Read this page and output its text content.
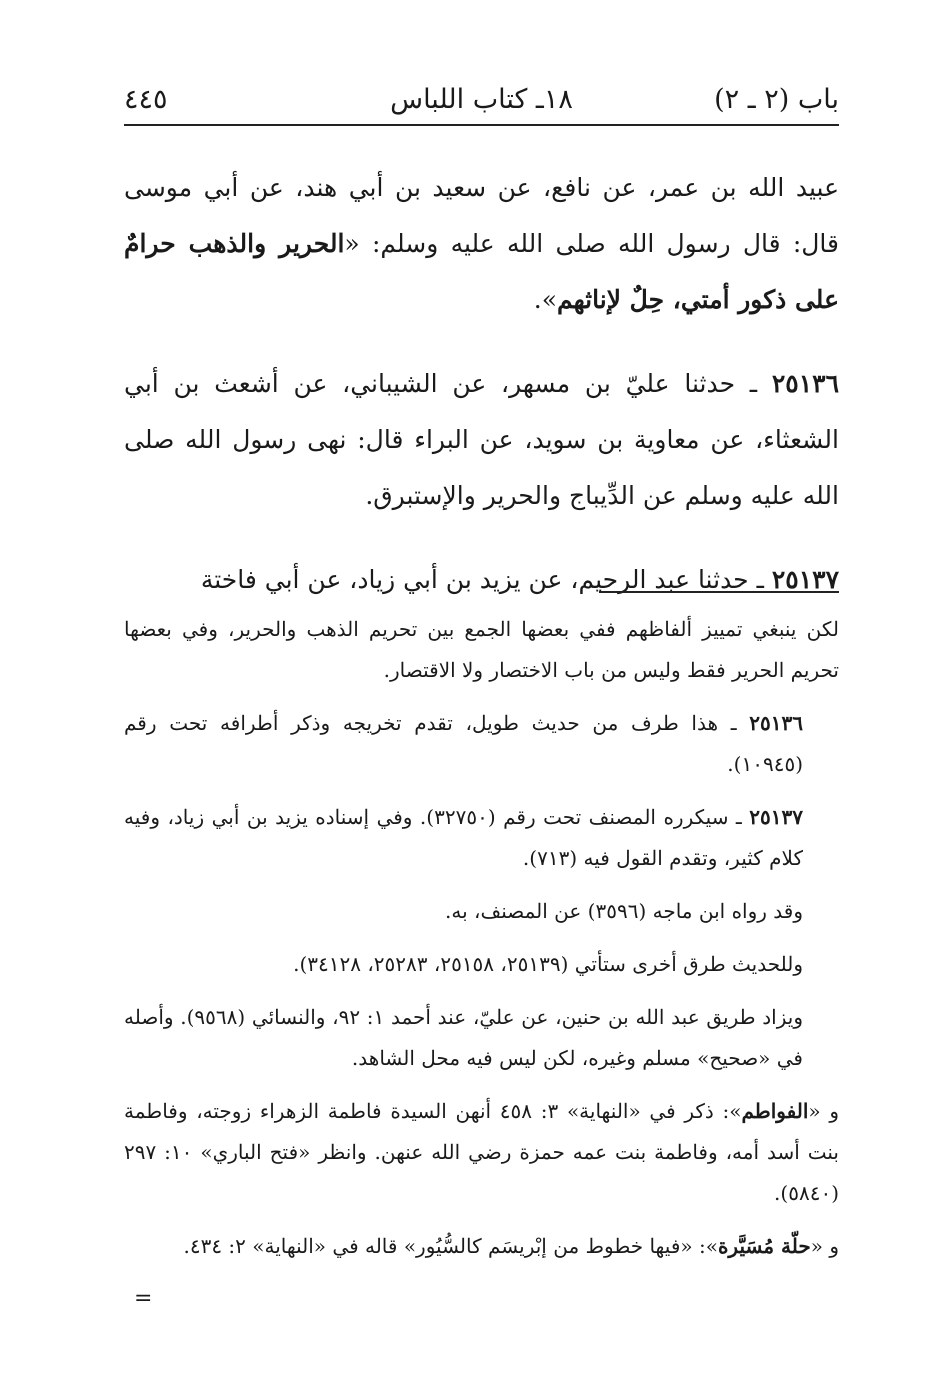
باب (٢ ـ ٢)
١٨ـ كتاب اللباس
٤٤٥

عبيد الله بن عمر، عن نافع، عن سعيد بن أبي هند، عن أبي موسى قال: قال رسول الله صلى الله عليه وسلم: «الحرير والذهب حرامٌ على ذكور أمتي، حِلٌ لإناثهم».

٢٥١٣٦ ـ حدثنا عليّ بن مسهر، عن الشيباني، عن أشعث بن أبي الشعثاء، عن معاوية بن سويد، عن البراء قال: نهى رسول الله صلى الله عليه وسلم عن الدِّيباج والحرير والإستبرق.

٢٥١٣٧ ـ حدثنا عبد الرحيم، عن يزيد بن أبي زياد، عن أبي فاختة

لكن ينبغي تمييز ألفاظهم ففي بعضها الجمع بين تحريم الذهب والحرير، وفي بعضها تحريم الحرير فقط وليس من باب الاختصار ولا الاقتصار.

٢٥١٣٦ ـ هذا طرف من حديث طويل، تقدم تخريجه وذكر أطرافه تحت رقم (١٠٩٤٥).

٢٥١٣٧ ـ سيكرره المصنف تحت رقم (٣٢٧٥٠). وفي إسناده يزيد بن أبي زياد، وفيه كلام كثير، وتقدم القول فيه (٧١٣).

وقد رواه ابن ماجه (٣٥٩٦) عن المصنف، به.

وللحديث طرق أخرى ستأتي (٢٥١٣٩، ٢٥١٥٨، ٢٥٢٨٣، ٣٤١٢٨).

ويزاد طريق عبد الله بن حنين، عن عليّ، عند أحمد ١: ٩٢، والنسائي (٩٥٦٨). وأصله في «صحيح» مسلم وغيره، لكن ليس فيه محل الشاهد.

و «الفواطم»: ذكر في «النهاية» ٣: ٤٥٨ أنهن السيدة فاطمة الزهراء زوجته، وفاطمة بنت أسد أمه، وفاطمة بنت عمه حمزة رضي الله عنهن. وانظر «فتح الباري» ١٠: ٢٩٧ (٥٨٤٠).

و «حلّة مُسَيَّرة»: «فيها خطوط من إبْريسَم كالسُّيُور» قاله في «النهاية» ٢: ٤٣٤.

=
